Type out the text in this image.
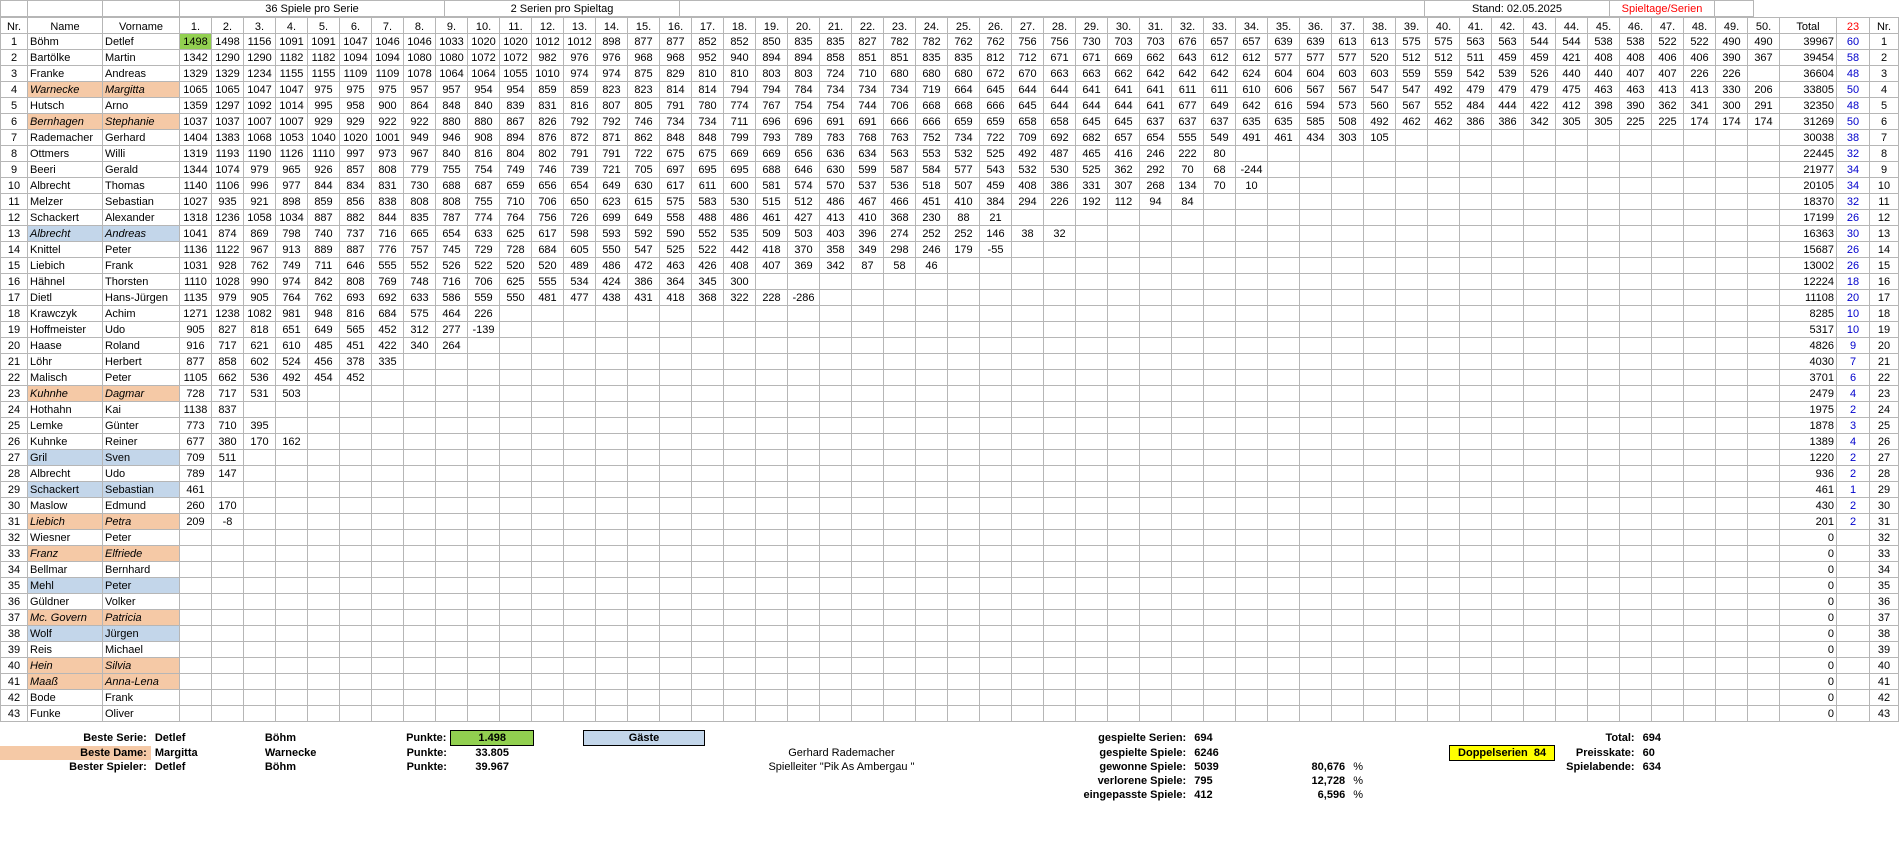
			36 Spiele pro Serie	2 Serien pro Spieltag		Stand: 02.05.2025	Spieltage/Serien	
Nr.	Name	Vorname	1.	2.	3.	4.	5.	6.	7.	8.	9.	10.	11.	12.	13.	14.	15.	16.	17.	18.	19.	20.	21.	22.	23.	24.	25.	26.	27.	28.	29.	30.	31.	32.	33.	34.	35.	36.	37.	38.	39.	40.	41.	42.	43.	44.	45.	46.	47.	48.	49.	50.	Total	23	Nr.
1	Böhm	Detlef	1498	1498	1156	1091	1091	1047	1046	1046	1033	1020	1020	1012	1012	898	877	877	852	852	850	835	835	827	782	782	762	762	756	756	730	703	703	676	657	657	639	639	613	613	575	575	563	563	544	544	538	538	522	522	490	490	39967	60	1
2	Bartölke	Martin	1342	1290	1290	1182	1182	1094	1094	1080	1080	1072	1072	982	976	976	968	968	952	940	894	894	858	851	851	835	835	812	712	671	671	669	662	643	612	612	577	577	577	520	512	512	511	459	459	421	408	408	406	406	390	367	39454	58	2
3	Franke	Andreas	1329	1329	1234	1155	1155	1109	1109	1078	1064	1064	1055	1010	974	974	875	829	810	810	803	803	724	710	680	680	680	672	670	663	663	662	642	642	642	624	604	604	603	603	559	559	542	539	526	440	440	407	407	226	226		36604	48	3
4	Warnecke	Margitta	1065	1065	1047	1047	975	975	975	957	957	954	954	859	859	823	823	814	814	794	794	784	734	734	734	719	664	645	644	644	641	641	641	611	611	610	606	567	567	547	547	492	479	479	479	475	463	463	413	413	330	206	33805	50	4
5	Hutsch	Arno	1359	1297	1092	1014	995	958	900	864	848	840	839	831	816	807	805	791	780	774	767	754	754	744	706	668	668	666	645	644	644	644	641	677	649	642	616	594	573	560	567	552	484	444	422	412	398	390	362	341	300	291	32350	48	5
6	Bernhagen	Stephanie	1037	1037	1007	1007	929	929	922	922	880	880	867	826	792	792	746	734	734	711	696	696	691	691	666	666	659	659	658	658	645	645	637	637	637	635	635	585	508	492	462	462	386	386	342	305	305	225	225	174	174	174	31269	50	6
7	Rademacher	Gerhard	1404	1383	1068	1053	1040	1020	1001	949	946	908	894	876	872	871	862	848	848	799	793	789	783	768	763	752	734	722	709	692	682	657	654	555	549	491	461	434	303	105													30038	38	7
8	Ottmers	Willi	1319	1193	1190	1126	1110	997	973	967	840	816	804	802	791	791	722	675	675	669	669	656	636	634	563	553	532	525	492	487	465	416	246	222	80																		22445	32	8
9	Beeri	Gerald	1344	1074	979	965	926	857	808	779	755	754	749	746	739	721	705	697	695	695	688	646	630	599	587	584	577	543	532	530	525	362	292	70	68	-244																	21977	34	9
10	Albrecht	Thomas	1140	1106	996	977	844	834	831	730	688	687	659	656	654	649	630	617	611	600	581	574	570	537	536	518	507	459	408	386	331	307	268	134	70	10																	20105	34	10
11	Melzer	Sebastian	1027	935	921	898	859	856	838	808	808	755	710	706	650	623	615	575	583	530	515	512	486	467	466	451	410	384	294	226	192	112	94	84																			18370	32	11
12	Schackert	Alexander	1318	1236	1058	1034	887	882	844	835	787	774	764	756	726	699	649	558	488	486	461	427	413	410	368	230	88	21																									17199	26	12
13	Albrecht	Andreas	1041	874	869	798	740	737	716	665	654	633	625	617	598	593	592	590	552	535	509	503	403	396	274	252	252	146	38	32																							16363	30	13
14	Knittel	Peter	1136	1122	967	913	889	887	776	757	745	729	728	684	605	550	547	525	522	442	418	370	358	349	298	246	179	-55																									15687	26	14
15	Liebich	Frank	1031	928	762	749	711	646	555	552	526	522	520	520	489	486	472	463	426	408	407	369	342	87	58	46																											13002	26	15
16	Hähnel	Thorsten	1110	1028	990	974	842	808	769	748	716	706	625	555	534	424	386	364	345	300																																	12224	18	16
17	Dietl	Hans-Jürgen	1135	979	905	764	762	693	692	633	586	559	550	481	477	438	431	418	368	322	228	-286																															11108	20	17
18	Krawczyk	Achim	1271	1238	1082	981	948	816	684	575	464	226																																									8285	10	18
19	Hoffmeister	Udo	905	827	818	651	649	565	452	312	277	-139																																									5317	10	19
20	Haase	Roland	916	717	621	610	485	451	422	340	264																																										4826	9	20
21	Löhr	Herbert	877	858	602	524	456	378	335																																												4030	7	21
22	Malisch	Peter	1105	662	536	492	454	452																																													3701	6	22
23	Kuhnhe	Dagmar	728	717	531	503																																															2479	4	23
24	Hothahn	Kai	1138	837																																																	1975	2	24
25	Lemke	Günter	773	710	395																																																1878	3	25
26	Kuhnke	Reiner	677	380	170	162																																															1389	4	26
27	Gril	Sven	709	511																																																	1220	2	27
28	Albrecht	Udo	789	147																																																	936	2	28
29	Schackert	Sebastian	461																																																		461	1	29
30	Maslow	Edmund	260	170																																																	430	2	30
31	Liebich	Petra	209	-8																																																	201	2	31
32	Wiesner	Peter																																																			0		32
33	Franz	Elfriede																																																			0		33
34	Bellmar	Bernhard																																																			0		34
35	Mehl	Peter																																																			0		35
36	Güldner	Volker																																																			0		36
37	Mc. Govern	Patricia																																																			0		37
38	Wolf	Jürgen																																																			0		38
39	Reis	Michael																																																			0		39
40	Hein	Silvia																																																			0		40
41	Maaß	Anna-Lena																																																			0		41
42	Bode	Frank																																																			0		42
43	Funke	Oliver																																																			0		43
Beste Serie:	Detlef	Böhm	Punkte:	1.498		Gäste		gespielte Serien:	694				Total:	694
Beste Dame:	Margitta	Warnecke	Punkte:	33.805			Gerhard Rademacher	gespielte Spiele:	6246			Doppelserien 84	Preisskate:	60
Bester Spieler:	Detlef	Böhm	Punkte:	39.967			Spielleiter "Pik As Ambergau "	gewonne Spiele:	5039	80,676	%		Spielabende:	634
								verlorene Spiele:	795	12,728	%			
								eingepasste Spiele:	412	6,596	%			
